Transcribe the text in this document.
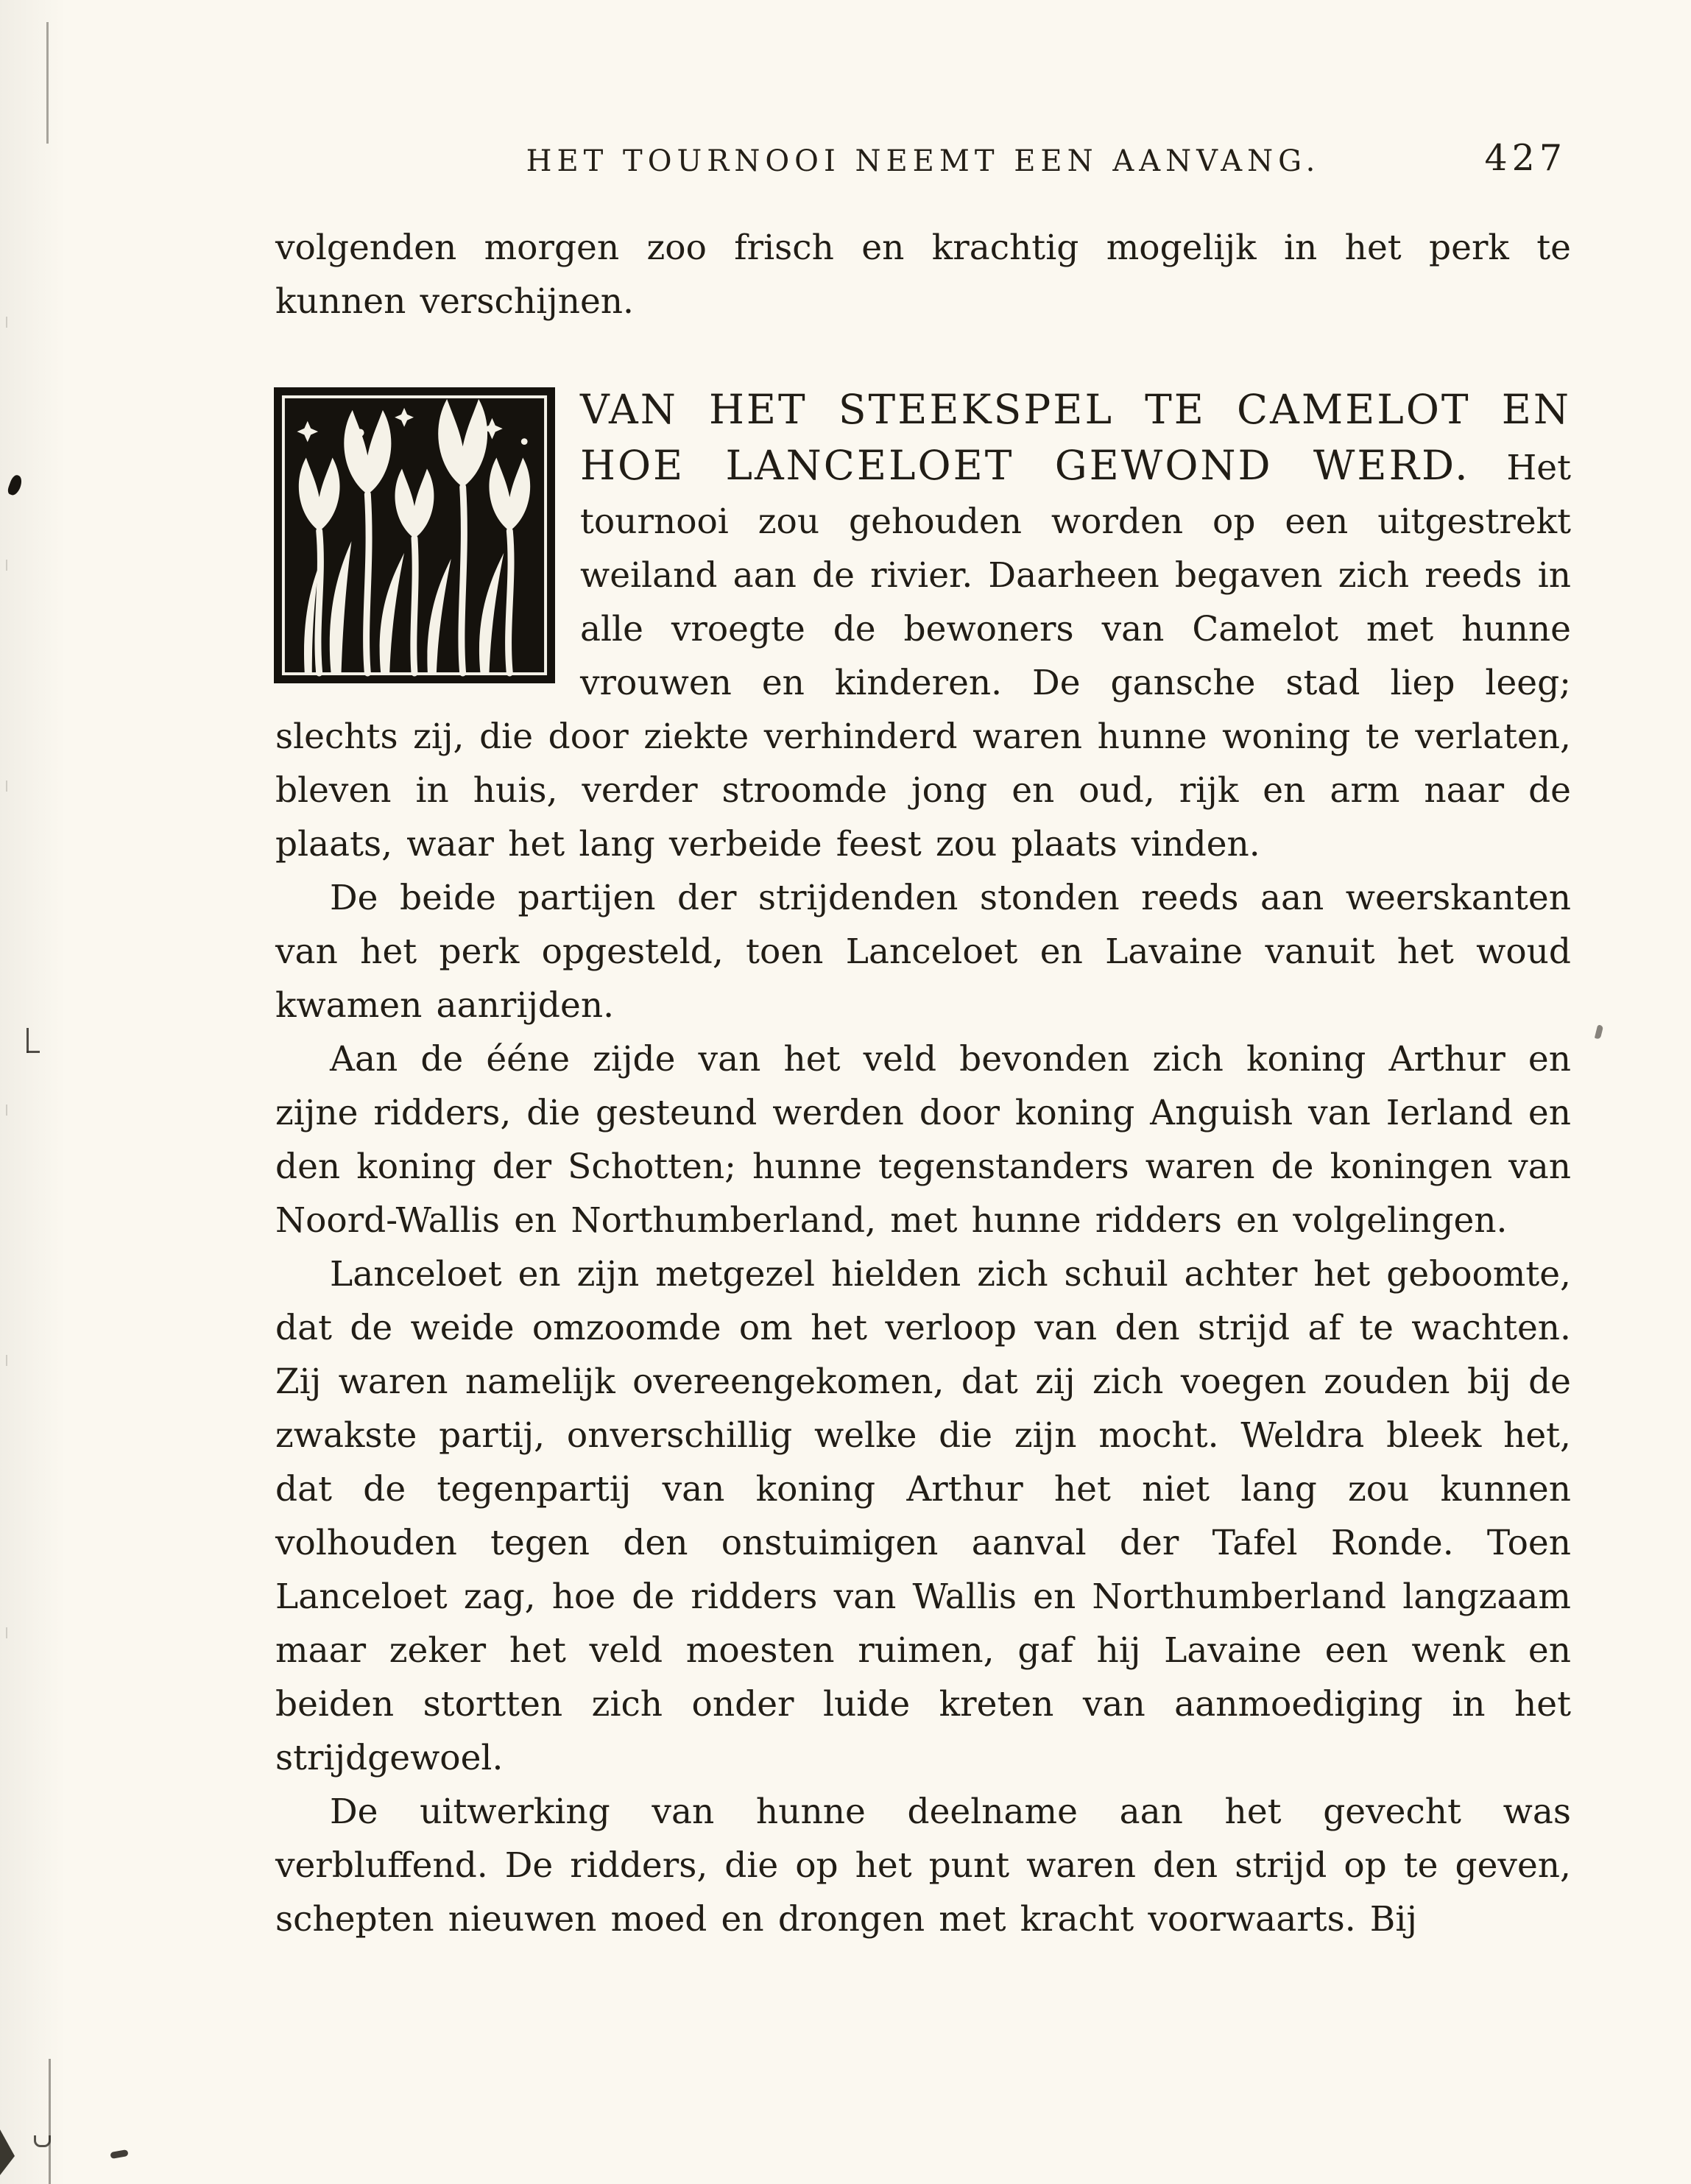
HET TOURNOOI NEEMT EEN AANVANG.	427

volgenden morgen zoo frisch en krachtig mogelijk in het perk te kunnen verschijnen.

VAN HET STEEKSPEL TE CAMELOT EN HOE LANCELOET GEWOND WERD. Het tournooi zou gehouden worden op een uitgestrekt weiland aan de rivier. Daarheen begaven zich reeds in alle vroegte de bewoners van Camelot met hunne vrouwen en kinderen. De gansche stad liep leeg; slechts zij, die door ziekte verhinderd waren hunne woning te verlaten, bleven in huis, verder stroomde jong en oud, rijk en arm naar de plaats, waar het lang verbeide feest zou plaats vinden.

De beide partijen der strijdenden stonden reeds aan weerskanten van het perk opgesteld, toen Lanceloet en Lavaine vanuit het woud kwamen aanrijden.

Aan de ééne zijde van het veld bevonden zich koning Arthur en zijne ridders, die gesteund werden door koning Anguish van Ierland en den koning der Schotten; hunne tegenstanders waren de koningen van Noord-Wallis en Northumberland, met hunne ridders en volgelingen.

Lanceloet en zijn metgezel hielden zich schuil achter het geboomte, dat de weide omzoomde om het verloop van den strijd af te wachten. Zij waren namelijk overeengekomen, dat zij zich voegen zouden bij de zwakste partij, onverschillig welke die zijn mocht. Weldra bleek het, dat de tegenpartij van koning Arthur het niet lang zou kunnen volhouden tegen den onstuimigen aanval der Tafel Ronde. Toen Lanceloet zag, hoe de ridders van Wallis en Northumberland langzaam maar zeker het veld moesten ruimen, gaf hij Lavaine een wenk en beiden stortten zich onder luide kreten van aanmoediging in het strijdgewoel.

De uitwerking van hunne deelname aan het gevecht was verbluffend. De ridders, die op het punt waren den strijd op te geven, schepten nieuwen moed en drongen met kracht voorwaarts. Bij
